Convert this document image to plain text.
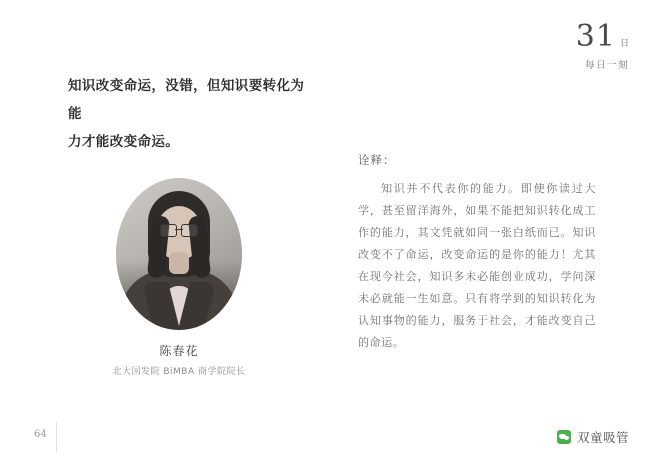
31 日
每日一刻
知识改变命运，没错，但知识要转化为能
力才能改变命运。
陈春花
北大国发院 BiMBA 商学院院长
诠释：
知识并不代表你的能力。即使你读过大学，甚至留洋海外，如果不能把知识转化成工作的能力，其文凭就如同一张白纸而已。知识改变不了命运，改变命运的是你的能力！尤其在现今社会，知识多未必能创业成功，学问深未必就能一生如意。只有将学到的知识转化为认知事物的能力，服务于社会，才能改变自己的命运。
64	双童吸管
